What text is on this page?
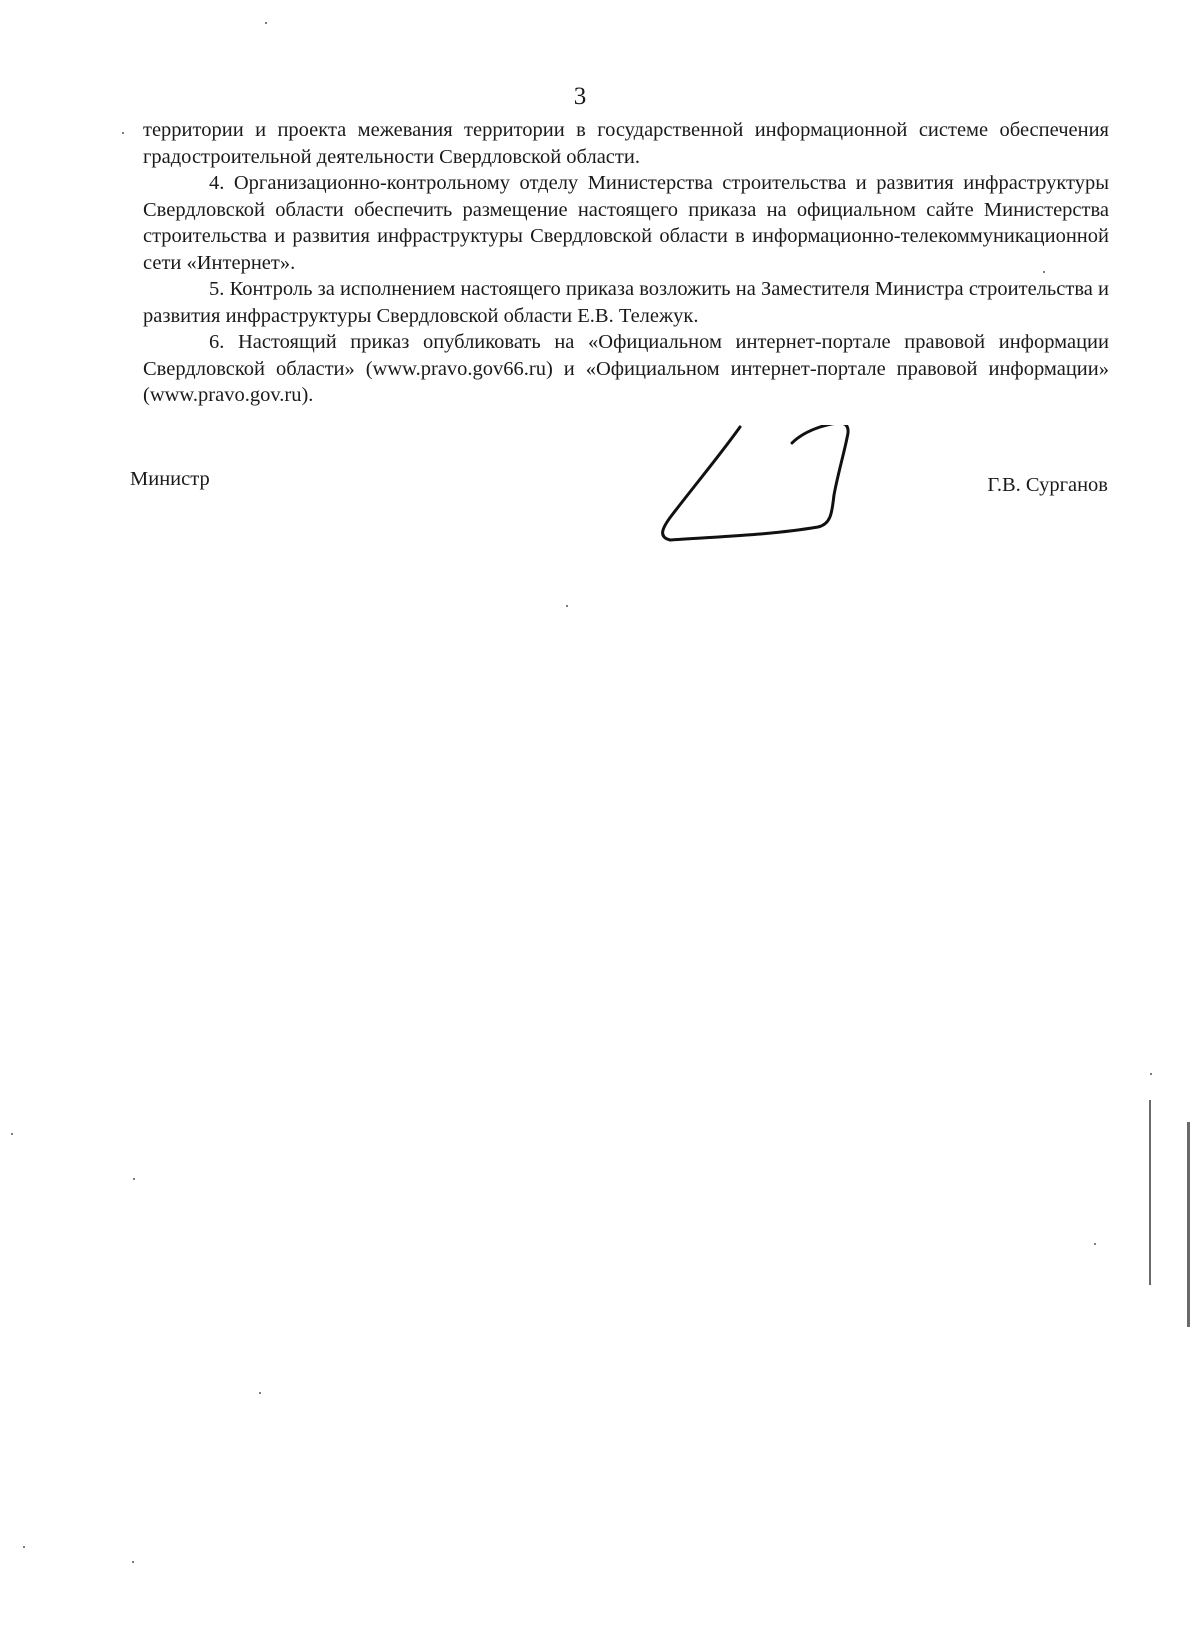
3

территории и проекта межевания территории в государственной информационной системе обеспечения градостроительной деятельности Свердловской области.

4. Организационно-контрольному отделу Министерства строительства и развития инфраструктуры Свердловской области обеспечить размещение настоящего приказа на официальном сайте Министерства строительства и развития инфраструктуры Свердловской области в информационно-телекоммуникационной сети «Интернет».

5. Контроль за исполнением настоящего приказа возложить на Заместителя Министра строительства и развития инфраструктуры Свердловской области Е.В. Тележук.

6. Настоящий приказ опубликовать на «Официальном интернет-портале правовой информации Свердловской области» (www.pravo.gov66.ru) и «Официальном интернет-портале правовой информации» (www.pravo.gov.ru).

Министр	Г.В. Сурганов
